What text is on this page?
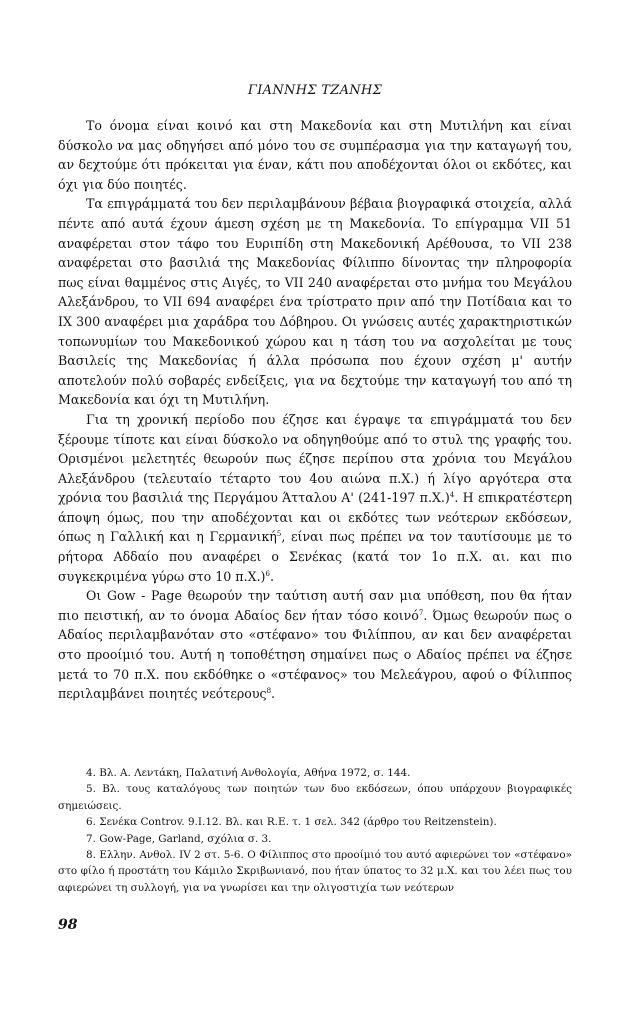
ΓΙΑΝΝΗΣ ΤΖΑΝΗΣ

Το όνομα είναι κοινό και στη Μακεδονία και στη Μυτιλήνη και είναι δύσκολο να μας οδηγήσει από μόνο του σε συμπέρασμα για την καταγωγή του, αν δεχτούμε ότι πρόκειται για έναν, κάτι που αποδέχονται όλοι οι εκδότες, και όχι για δύο ποιητές.

Τα επιγράμματά του δεν περιλαμβάνουν βέβαια βιογραφικά στοιχεία, αλλά πέντε από αυτά έχουν άμεση σχέση με τη Μακεδονία. Το επίγραμμα VII 51 αναφέρεται στον τάφο του Ευριπίδη στη Μακεδονική Αρέθουσα, το VII 238 αναφέρεται στο βασιλιά της Μακεδονίας Φίλιππο δίνοντας την πληροφορία πως είναι θαμμένος στις Αιγές, το VII 240 αναφέρεται στο μνήμα του Μεγάλου Αλεξάνδρου, το VII 694 αναφέρει ένα τρίστρατο πριν από την Ποτίδαια και το IX 300 αναφέρει μια χαράδρα του Δόβηρου. Οι γνώσεις αυτές χαρακτηριστικών τοπωνυμίων του Μακεδονικού χώρου και η τάση του να ασχολείται με τους Βασιλείς της Μακεδονίας ή άλλα πρόσωπα που έχουν σχέση μ' αυτήν αποτελούν πολύ σοβαρές ενδείξεις, για να δεχτούμε την καταγωγή του από τη Μακεδονία και όχι τη Μυτιλήνη.

Για τη χρονική περίοδο που έζησε και έγραψε τα επιγράμματά του δεν ξέρουμε τίποτε και είναι δύσκολο να οδηγηθούμε από το στυλ της γραφής του. Ορισμένοι μελετητές θεωρούν πως έζησε περίπου στα χρόνια του Μεγάλου Αλεξάνδρου (τελευταίο τέταρτο του 4ου αιώνα π.Χ.) ή λίγο αργότερα στα χρόνια του βασιλιά της Περγάμου Άτταλου Α' (241-197 π.Χ.)$^4$. Η επικρατέστερη άποψη όμως, που την αποδέχονται και οι εκδότες των νεότερων εκδόσεων, όπως η Γαλλική και η Γερμανική$^5$, είναι πως πρέπει να τον ταυτίσουμε με το ρήτορα Αδδαίο που αναφέρει ο Σενέκας (κατά τον 1ο π.Χ. αι. και πιο συγκεκριμένα γύρω στο 10 π.Χ.)$^6$.

Οι Gow - Page θεωρούν την ταύτιση αυτή σαν μια υπόθεση, που θα ήταν πιο πειστική, αν το όνομα Αδαίος δεν ήταν τόσο κοινό$^7$. Όμως θεωρούν πως ο Αδαίος περιλαμβανόταν στο «στέφανο» του Φιλίππου, αν και δεν αναφέρεται στο προοίμιό του. Αυτή η τοποθέτηση σημαίνει πως ο Αδαίος πρέπει να έζησε μετά το 70 π.Χ. που εκδόθηκε ο «στέφανος» του Μελεάγρου, αφού ο Φίλιππος περιλαμβάνει ποιητές νεότερους$^8$.

4. Βλ. Α. Λεντάκη, Παλατινή Ανθολογία, Αθήνα 1972, σ. 144.

5. Βλ. τους καταλόγους των ποιητών των δυο εκδόσεων, όπου υπάρχουν βιογραφικές σημειώσεις.

6. Σενέκα Controv. 9.I.12. Βλ. και R.E. τ. 1 σελ. 342 (άρθρο του Reitzenstein).

7. Gow-Page, Garland, σχόλια σ. 3.

8. Ελλην. Ανθολ. IV 2 στ. 5-6. Ο Φίλιππος στο προοίμιό του αυτό αφιερώνει τον «στέφανο» στο φίλο ή προστάτη του Κάμιλο Σκριβωνιανό, που ήταν ύπατος το 32 μ.Χ. και του λέει πως του αφιερώνει τη συλλογή, για να γνωρίσει και την ολιγοστιχία των νεότερων

98
